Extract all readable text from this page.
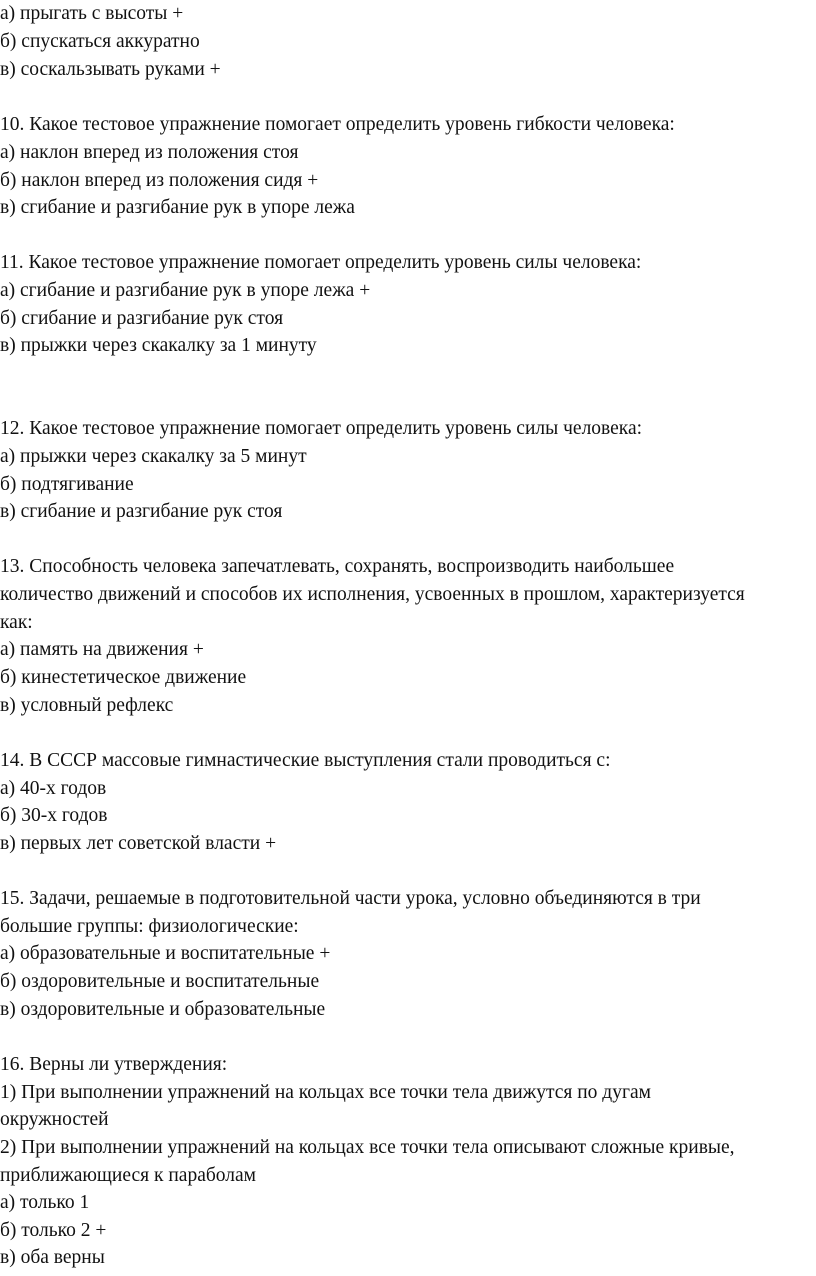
а) прыгать с высоты +
б) спускаться аккуратно
в) соскальзывать руками +
10. Какое тестовое упражнение помогает определить уровень гибкости человека:
а) наклон вперед из положения стоя
б) наклон вперед из положения сидя +
в) сгибание и разгибание рук в упоре лежа
11. Какое тестовое упражнение помогает определить уровень силы человека:
а) сгибание и разгибание рук в упоре лежа +
б) сгибание и разгибание рук стоя
в) прыжки через скакалку за 1 минуту
12. Какое тестовое упражнение помогает определить уровень силы человека:
а) прыжки через скакалку за 5 минут
б) подтягивание
в) сгибание и разгибание рук стоя
13. Способность человека запечатлевать, сохранять, воспроизводить наибольшее
количество движений и способов их исполнения, усвоенных в прошлом, характеризуется
как:
а) память на движения +
б) кинестетическое движение
в) условный рефлекс
14. В СССР массовые гимнастические выступления стали проводиться с:
а) 40-х годов
б) 30-х годов
в) первых лет советской власти +
15. Задачи, решаемые в подготовительной части урока, условно объединяются в три
большие группы: физиологические:
а) образовательные и воспитательные +
б) оздоровительные и воспитательные
в) оздоровительные и образовательные
16. Верны ли утверждения:
1) При выполнении упражнений на кольцах все точки тела движутся по дугам
окружностей
2) При выполнении упражнений на кольцах все точки тела описывают сложные кривые,
приближающиеся к параболам
а) только 1
б) только 2 +
в) оба верны
